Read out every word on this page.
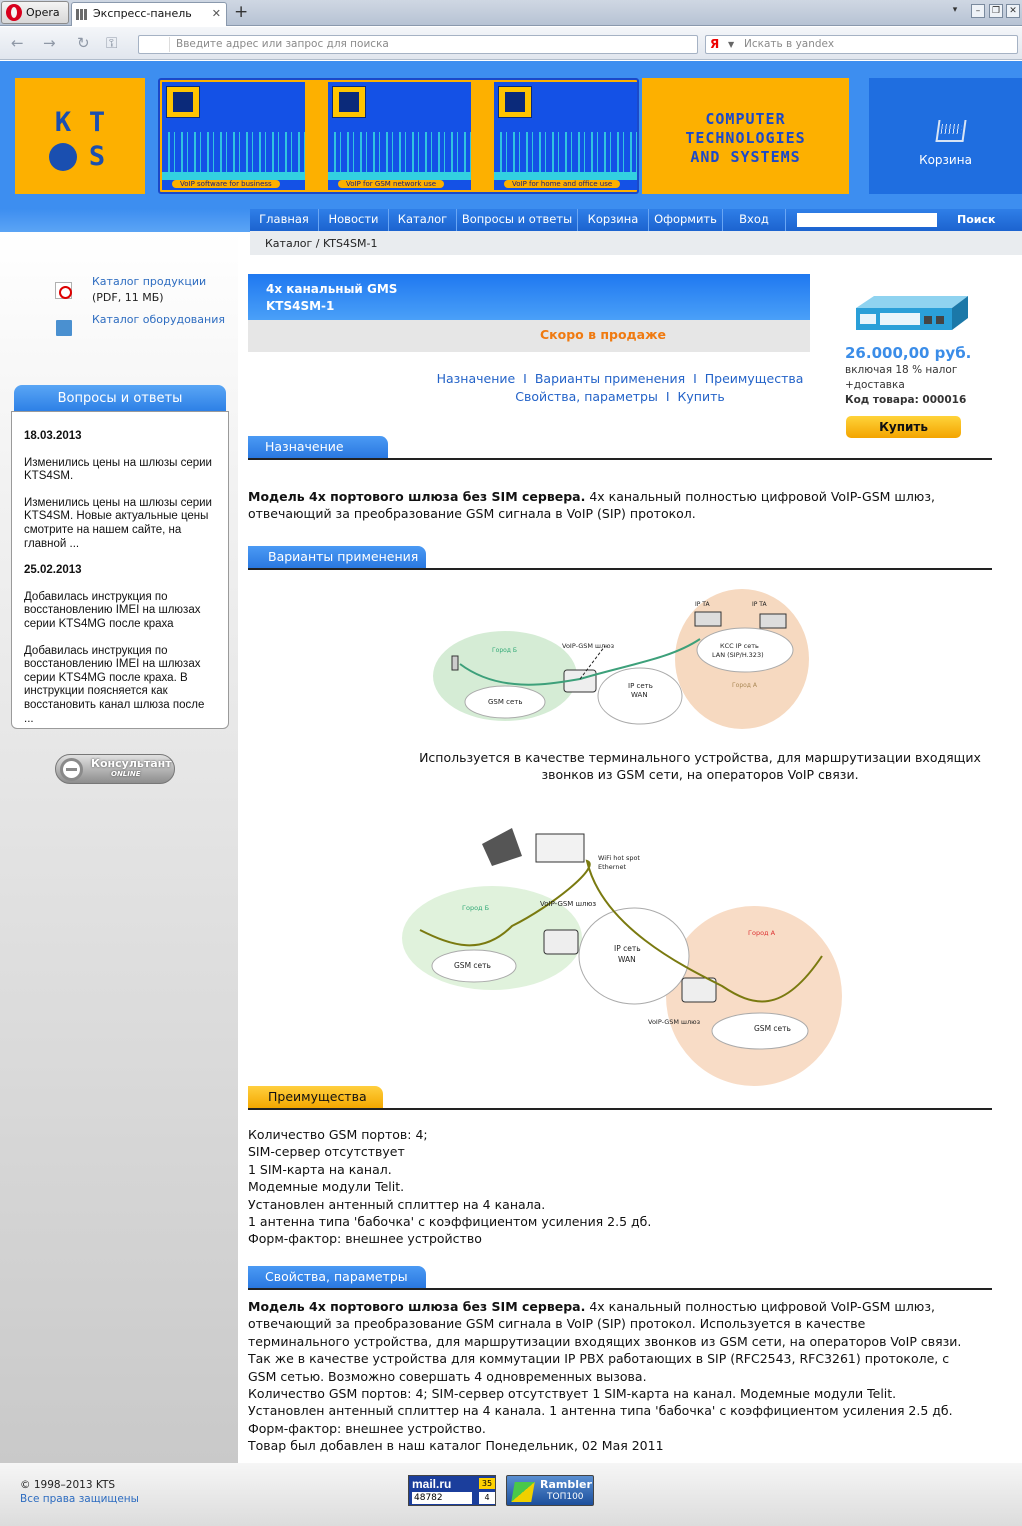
Opera	Экспресс-панель ✕ +	▾	–	❐	✕
← → ↻ ⚿	Введите адрес или запрос для поиска	Я ▼ Искать в yandex
K T
S
VoIP software for business	VoIP for GSM network use	VoIP for home and office use
COMPUTER
TECHNOLOGIES
AND SYSTEMS	Корзина
Главная	Новости	Каталог	Вопросы и ответы	Корзина	Оформить	Вход	Поиск
Каталог / KTS4SM-1
Каталог продукции
(PDF, 11 МБ)
Каталог оборудования
Вопросы и ответы

18.03.2013

Изменились цены на шлюзы серии KTS4SM.

Изменились цены на шлюзы серии KTS4SM. Новые актуальные цены смотрите на нашем сайте, на главной ...

25.02.2013

Добавилась инструкция по восстановлению IMEI на шлюзах серии KTS4MG после краха

Добавилась инструкция по восстановлению IMEI на шлюзах серии KTS4MG после краха. В инструкции поясняется как восстановить канал шлюза после ...

Консультант
ONLINE
4х канальный GMS
KTS4SM-1
Скоро в продаже
26.000,00 руб.
включая 18 % налог
+доставка
Код товара: 000016
Купить
Назначение I Варианты применения I Преимущества
Свойства, параметры I Купить
Назначение
Модель 4х портового шлюза без SIM сервера. 4х канальный полностью цифровой VoIP-GSM шлюз, отвечающий за преобразование GSM сигнала в VoIP (SIP) протокол.
Варианты применения
Город Б
VoIP-GSM шлюз
GSM сеть
IP сеть
WAN
КСС IP сеть
LAN (SIP/H.323)
Город А
IP TA	IP TA
Используется в качестве терминального устройства, для маршрутизации входящих звонков из GSM сети, на операторов VoIP связи.
WiFi hot spot
Ethernet
Город Б	VoIP-GSM шлюз
GSM сеть
IP сеть
WAN
Город А
VoIP-GSM шлюз
GSM сеть
Преимущества
Количество GSM портов: 4;
SIM-сервер отсутствует
1 SIM-карта на канал.
Модемные модули Telit.
Установлен антенный сплиттер на 4 канала.
1 антенна типа 'бабочка' с коэффициентом усиления 2.5 дб.
Форм-фактор: внешнее устройство
Свойства, параметры
Модель 4х портового шлюза без SIM сервера. 4х канальный полностью цифровой VoIP-GSM шлюз,
отвечающий за преобразование GSM сигнала в VoIP (SIP) протокол. Используется в качестве
терминального устройства, для маршрутизации входящих звонков из GSM сети, на операторов VoIP связи.
Так же в качестве устройства для коммутации IP PBX работающих в SIP (RFC2543, RFC3261) протоколе, с
GSM сетью. Возможно совершать 4 одновременных вызова.
Количество GSM портов: 4; SIM-сервер отсутствует 1 SIM-карта на канал. Модемные модули Telit.
Установлен антенный сплиттер на 4 канала. 1 антенна типа 'бабочка' с коэффициентом усиления 2.5 дб.
Форм-фактор: внешнее устройство.
Товар был добавлен в наш каталог Понедельник, 02 Мая 2011
© 1998–2013 KTS
Все права защищены
mail.ru	35
48782	4
Rambler
ТОП100
